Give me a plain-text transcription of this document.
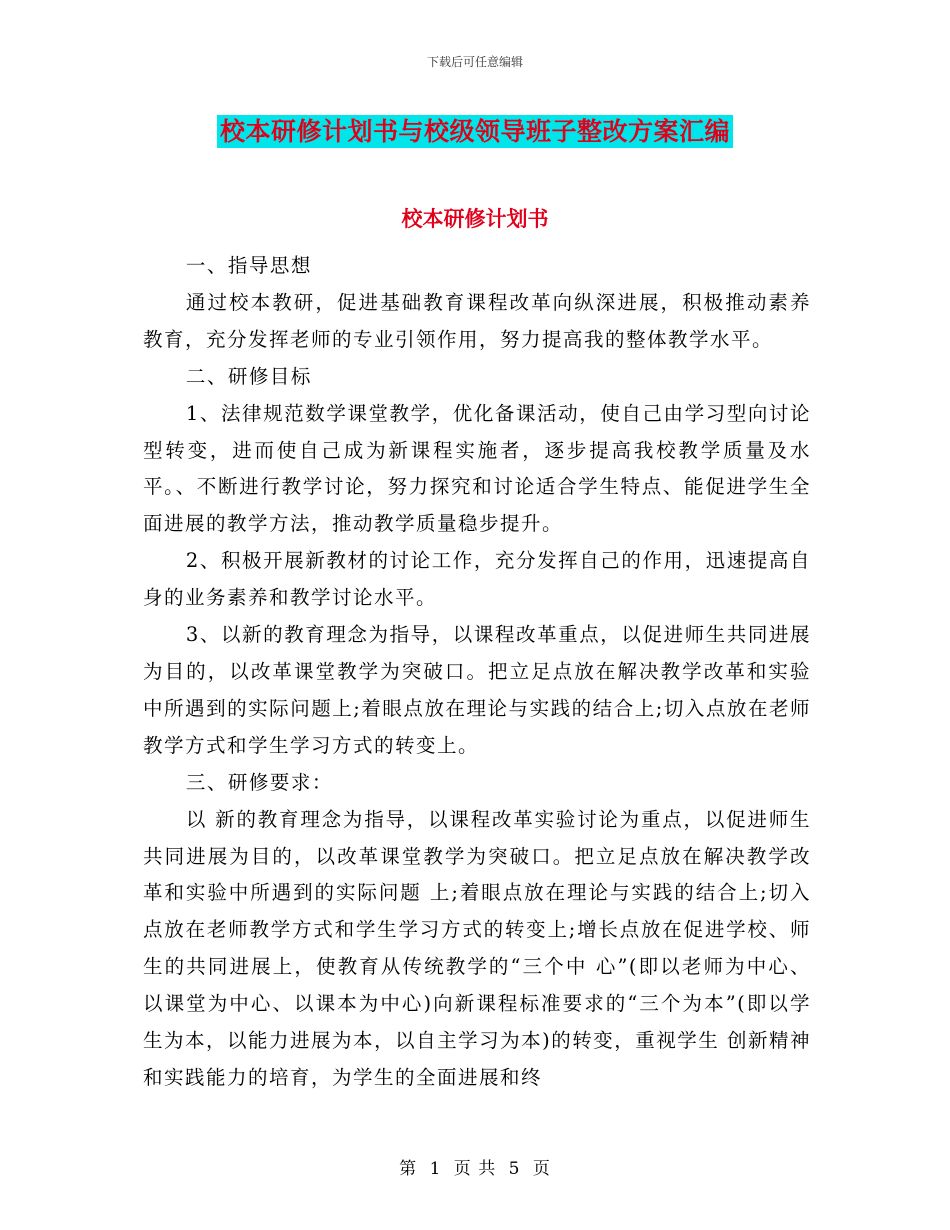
下载后可任意编辑
校本研修计划书与校级领导班子整改方案汇编
校本研修计划书

一、指导思想

通过校本教研，促进基础教育课程改革向纵深进展，积极推动素养教育，充分发挥老师的专业引领作用，努力提高我的整体教学水平。

二、研修目标

1、法律规范数学课堂教学，优化备课活动，使自己由学习型向讨论型转变，进而使自己成为新课程实施者，逐步提高我校教学质量及水平。、不断进行教学讨论，努力探究和讨论适合学生特点、能促进学生全面进展的教学方法，推动教学质量稳步提升。

2、积极开展新教材的讨论工作，充分发挥自己的作用，迅速提高自身的业务素养和教学讨论水平。

3、以新的教育理念为指导，以课程改革重点，以促进师生共同进展为目的，以改革课堂教学为突破口。把立足点放在解决教学改革和实验中所遇到的实际问题上;着眼点放在理论与实践的结合上;切入点放在老师教学方式和学生学习方式的转变上。

三、研修要求：

以 新的教育理念为指导，以课程改革实验讨论为重点，以促进师生共同进展为目的，以改革课堂教学为突破口。把立足点放在解决教学改革和实验中所遇到的实际问题 上;着眼点放在理论与实践的结合上;切入点放在老师教学方式和学生学习方式的转变上;增长点放在促进学校、师生的共同进展上，使教育从传统教学的“三个中 心”(即以老师为中心、以课堂为中心、以课本为中心)向新课程标准要求的“三个为本”(即以学生为本，以能力进展为本，以自主学习为本)的转变，重视学生 创新精神和实践能力的培育，为学生的全面进展和终

第 1 页 共 5 页
